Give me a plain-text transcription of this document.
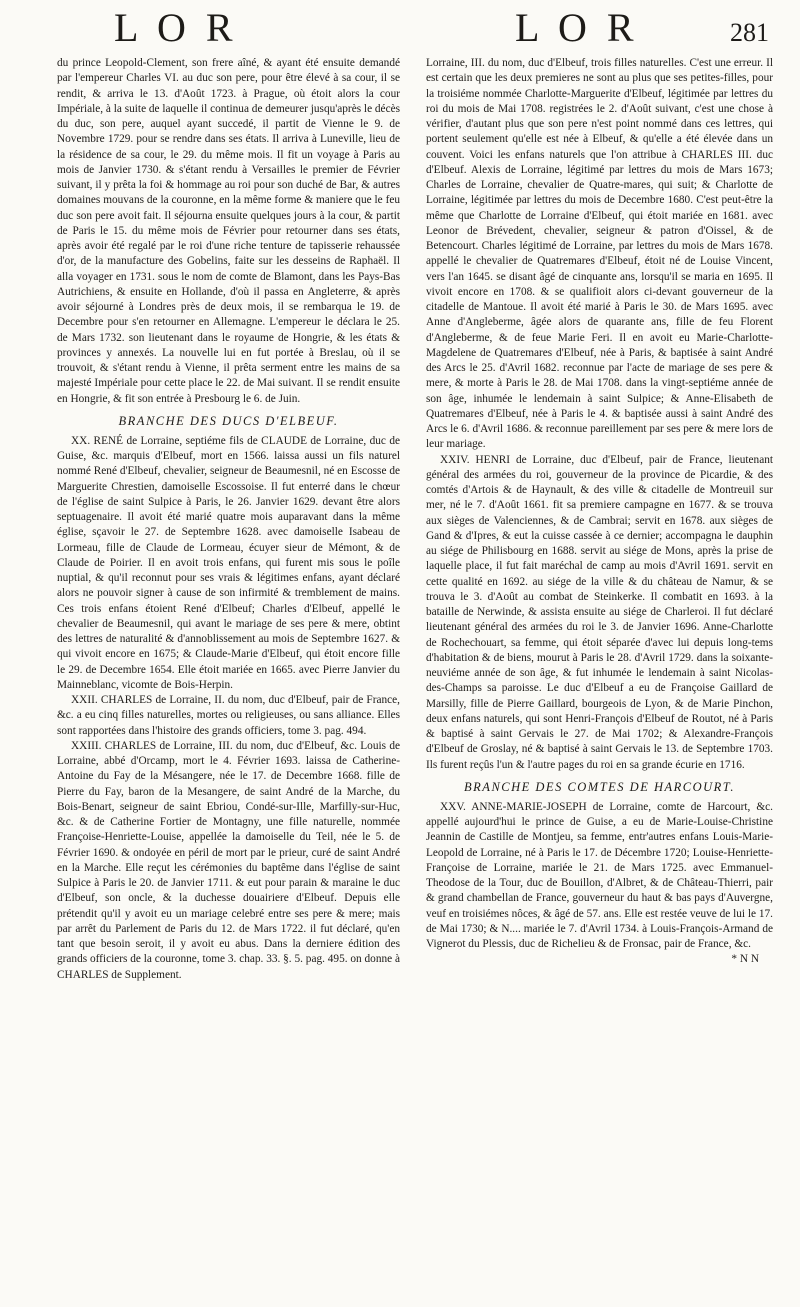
L O R	L O R	281

du prince Leopold-Clement, son frere aîné, & ayant été ensuite demandé par l'empereur Charles VI. au duc son pere, pour être élevé à sa cour, il se rendit, & arriva le 13. d'Août 1723. à Prague, où étoit alors la cour Impériale, à la suite de laquelle il continua de demeurer jusqu'après le décès du duc, son pere, auquel ayant succedé, il partit de Vienne le 9. de Novembre 1729. pour se rendre dans ses états. Il arriva à Luneville, lieu de la résidence de sa cour, le 29. du même mois. Il fit un voyage à Paris au mois de Janvier 1730. & s'étant rendu à Versailles le premier de Février suivant, il y prêta la foi & hommage au roi pour son duché de Bar, & autres domaines mouvans de la couronne, en la même forme & maniere que le feu duc son pere avoit fait. Il séjourna ensuite quelques jours à la cour, & partit de Paris le 15. du même mois de Février pour retourner dans ses états, après avoir été regalé par le roi d'une riche tenture de tapisserie rehaussée d'or, de la manufacture des Gobelins, faite sur les desseins de Raphaël. Il alla voyager en 1731. sous le nom de comte de Blamont, dans les Pays-Bas Autrichiens, & ensuite en Hollande, d'où il passa en Angleterre, & après avoir séjourné à Londres près de deux mois, il se rembarqua le 19. de Decembre pour s'en retourner en Allemagne. L'empereur le déclara le 25. de Mars 1732. son lieutenant dans le royaume de Hongrie, & les états & provinces y annexés. La nouvelle lui en fut portée à Breslau, où il se trouvoit, & s'étant rendu à Vienne, il prêta serment entre les mains de sa majesté Impériale pour cette place le 22. de Mai suivant. Il se rendit ensuite en Hongrie, & fit son entrée à Presbourg le 6. de Juin.

BRANCHE DES DUCS D'ELBEUF.

XX. RENÉ de Lorraine, septiéme fils de CLAUDE de Lorraine, duc de Guise, &c. marquis d'Elbeuf, mort en 1566. laissa aussi un fils naturel nommé René d'Elbeuf, chevalier, seigneur de Beaumesnil, né en Escosse de Marguerite Chrestien, damoiselle Escossoise. Il fut enterré dans le chœur de l'église de saint Sulpice à Paris, le 26. Janvier 1629. devant être alors septuagenaire. Il avoit été marié quatre mois auparavant dans la même église, sçavoir le 27. de Septembre 1628. avec damoiselle Isabeau de Lormeau, fille de Claude de Lormeau, écuyer sieur de Mémont, & de Claude de Poirier. Il en avoit trois enfans, qui furent mis sous le poîle nuptial, & qu'il reconnut pour ses vrais & légitimes enfans, ayant déclaré alors ne pouvoir signer à cause de son infirmité & tremblement de mains. Ces trois enfans étoient René d'Elbeuf; Charles d'Elbeuf, appellé le chevalier de Beaumesnil, qui avant le mariage de ses pere & mere, obtint des lettres de naturalité & d'annoblissement au mois de Septembre 1627. & qui vivoit encore en 1675; & Claude-Marie d'Elbeuf, qui étoit encore fille le 29. de Decembre 1654. Elle étoit mariée en 1665. avec Pierre Janvier du Mainneblanc, vicomte de Bois-Herpin.

XXII. CHARLES de Lorraine, II. du nom, duc d'Elbeuf, pair de France, &c. a eu cinq filles naturelles, mortes ou religieuses, ou sans alliance. Elles sont rapportées dans l'histoire des grands officiers, tome 3. pag. 494.

XXIII. CHARLES de Lorraine, III. du nom, duc d'Elbeuf, &c. Louis de Lorraine, abbé d'Orcamp, mort le 4. Février 1693. laissa de Catherine-Antoine du Fay de la Mésangere, née le 17. de Decembre 1668. fille de Pierre du Fay, baron de la Mesangere, de saint André de la Marche, du Bois-Benart, seigneur de saint Ebriou, Condé-sur-Ille, Marfilly-sur-Huc, &c. & de Catherine Fortier de Montagny, une fille naturelle, nommée Françoise-Henriette-Louise, appellée la damoiselle du Teil, née le 5. de Février 1690. & ondoyée en péril de mort par le prieur, curé de saint André en la Marche. Elle reçut les cérémonies du baptême dans l'église de saint Sulpice à Paris le 20. de Janvier 1711. & eut pour parain & maraine le duc d'Elbeuf, son oncle, & la duchesse douairiere d'Elbeuf. Depuis elle prétendit qu'il y avoit eu un mariage celebré entre ses pere & mere; mais par arrêt du Parlement de Paris du 12. de Mars 1722. il fut déclaré, qu'en tant que besoin seroit, il y avoit eu abus. Dans la derniere édition des grands officiers de la couronne, tome 3. chap. 33. §. 5. pag. 495. on donne à CHARLES de Supplement.

Lorraine, III. du nom, duc d'Elbeuf, trois filles naturelles. C'est une erreur. Il est certain que les deux premieres ne sont au plus que ses petites-filles, pour la troisiéme nommée Charlotte-Marguerite d'Elbeuf, légitimée par lettres du roi du mois de Mai 1708. registrées le 2. d'Août suivant, c'est une chose à vérifier, d'autant plus que son pere n'est point nommé dans ces lettres, qui portent seulement qu'elle est née à Elbeuf, & qu'elle a été élevée dans un couvent. Voici les enfans naturels que l'on attribue à CHARLES III. duc d'Elbeuf. Alexis de Lorraine, légitimé par lettres du mois de Mars 1673; Charles de Lorraine, chevalier de Quatre-mares, qui suit; & Charlotte de Lorraine, légitimée par lettres du mois de Decembre 1680. C'est peut-être la même que Charlotte de Lorraine d'Elbeuf, qui étoit mariée en 1681. avec Leonor de Brévedent, chevalier, seigneur & patron d'Oissel, & de Betencourt. Charles légitimé de Lorraine, par lettres du mois de Mars 1678. appellé le chevalier de Quatremares d'Elbeuf, étoit né de Louise Vincent, vers l'an 1645. se disant âgé de cinquante ans, lorsqu'il se maria en 1695. Il vivoit encore en 1708. & se qualifioit alors ci-devant gouverneur de la citadelle de Mantoue. Il avoit été marié à Paris le 30. de Mars 1695. avec Anne d'Angleberme, âgée alors de quarante ans, fille de feu Florent d'Angleberme, & de feue Marie Feri. Il en avoit eu Marie-Charlotte-Magdelene de Quatremares d'Elbeuf, née à Paris, & baptisée à saint André des Arcs le 25. d'Avril 1682. reconnue par l'acte de mariage de ses pere & mere, & morte à Paris le 28. de Mai 1708. dans la vingt-septiéme année de son âge, inhumée le lendemain à saint Sulpice; & Anne-Elisabeth de Quatremares d'Elbeuf, née à Paris le 4. & baptisée aussi à saint André des Arcs le 6. d'Avril 1686. & reconnue pareillement par ses pere & mere lors de leur mariage.

XXIV. HENRI de Lorraine, duc d'Elbeuf, pair de France, lieutenant général des armées du roi, gouverneur de la province de Picardie, & des comtés d'Artois & de Haynault, & des ville & citadelle de Montreuil sur mer, né le 7. d'Août 1661. fit sa premiere campagne en 1677. & se trouva aux sièges de Valenciennes, & de Cambrai; servit en 1678. aux sièges de Gand & d'Ipres, & eut la cuisse cassée à ce dernier; accompagna le dauphin au siége de Philisbourg en 1688. servit au siége de Mons, après la prise de laquelle place, il fut fait maréchal de camp au mois d'Avril 1691. servit en cette qualité en 1692. au siége de la ville & du château de Namur, & se trouva le 3. d'Août au combat de Steinkerke. Il combatit en 1693. à la bataille de Nerwinde, & assista ensuite au siége de Charleroi. Il fut déclaré lieutenant général des armées du roi le 3. de Janvier 1696. Anne-Charlotte de Rochechouart, sa femme, qui étoit séparée d'avec lui depuis long-tems d'habitation & de biens, mourut à Paris le 28. d'Avril 1729. dans la soixante-neuviéme année de son âge, & fut inhumée le lendemain à saint Nicolas-des-Champs sa paroisse. Le duc d'Elbeuf a eu de Françoise Gaillard de Marsilly, fille de Pierre Gaillard, bourgeois de Lyon, & de Marie Pinchon, deux enfans naturels, qui sont Henri-François d'Elbeuf de Routot, né à Paris & baptisé à saint Gervais le 27. de Mai 1702; & Alexandre-François d'Elbeuf de Groslay, né & baptisé à saint Gervais le 13. de Septembre 1703. Ils furent reçûs l'un & l'autre pages du roi en sa grande écurie en 1716.

BRANCHE DES COMTES DE HARCOURT.

XXV. ANNE-MARIE-JOSEPH de Lorraine, comte de Harcourt, &c. appellé aujourd'hui le prince de Guise, a eu de Marie-Louise-Christine Jeannin de Castille de Montjeu, sa femme, entr'autres enfans Louis-Marie-Leopold de Lorraine, né à Paris le 17. de Décembre 1720; Louise-Henriette-Françoise de Lorraine, mariée le 21. de Mars 1725. avec Emmanuel-Theodose de la Tour, duc de Bouillon, d'Albret, & de Château-Thierri, pair & grand chambellan de France, gouverneur du haut & bas pays d'Auvergne, veuf en troisiémes nôces, & âgé de 57. ans. Elle est restée veuve de lui le 17. de Mai 1730; & N.... mariée le 7. d'Avril 1734. à Louis-François-Armand de Vignerot du Plessis, duc de Richelieu & de Fronsac, pair de France, &c.

* N N
